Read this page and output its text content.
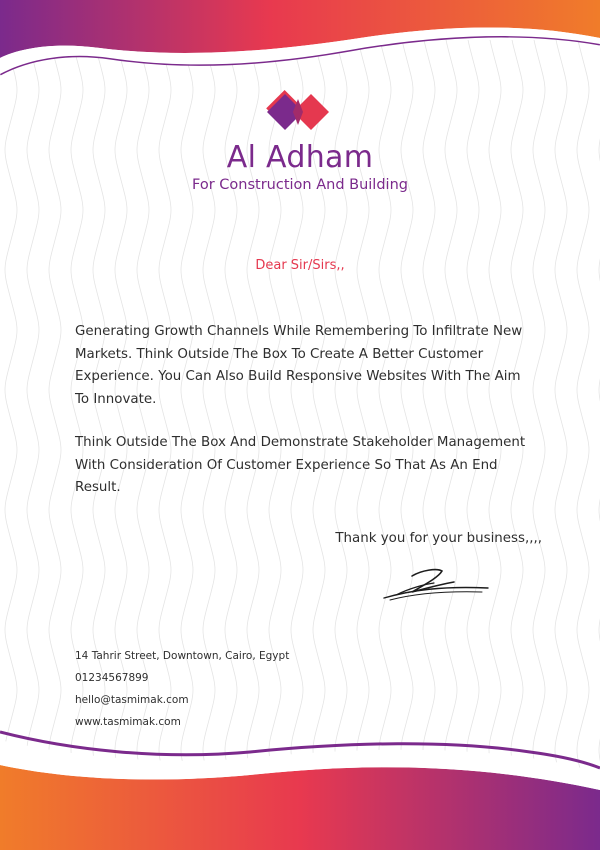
Al Adham
For Construction And Building
Dear Sir/Sirs,,

Generating Growth Channels While Remembering To Infiltrate New Markets. Think Outside The Box To Create A Better Customer Experience. You Can Also Build Responsive Websites With The Aim To Innovate.

Think Outside The Box And Demonstrate Stakeholder Management With Consideration Of Customer Experience So That As An End Result.

Thank you for your business,,,,
14 Tahrir Street, Downtown, Cairo, Egypt
01234567899
hello@tasmimak.com
www.tasmimak.com
